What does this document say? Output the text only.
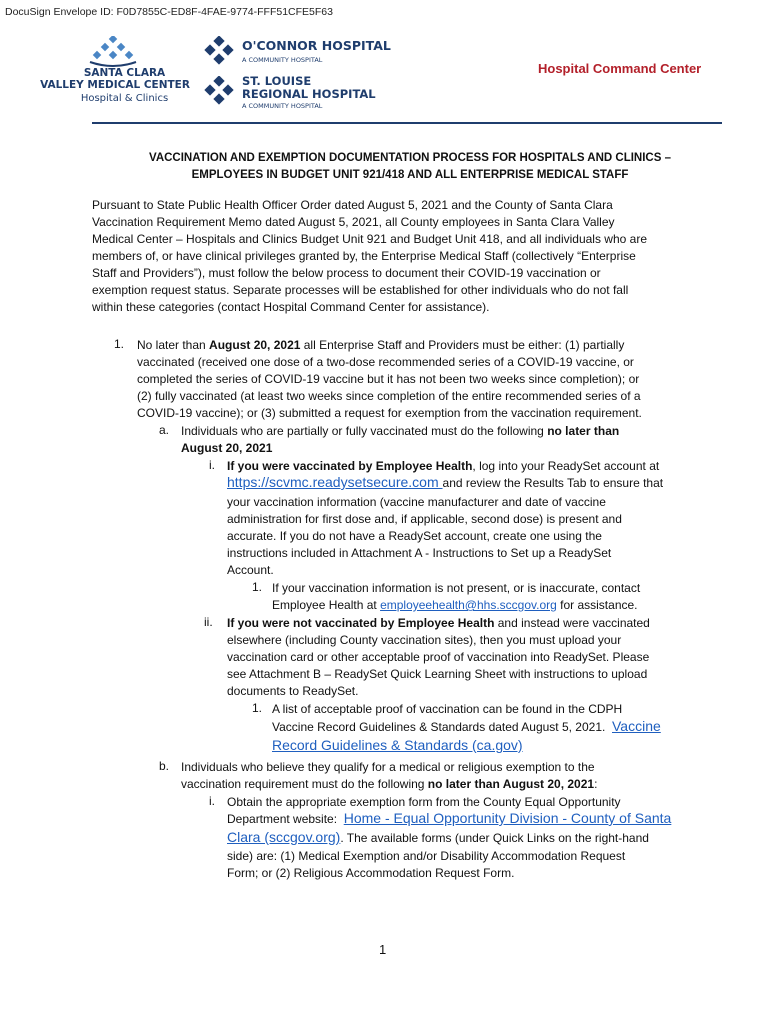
DocuSign Envelope ID: F0D7855C-ED8F-4FAE-9774-FFF51CFE5F63
SANTA CLARA
VALLEY MEDICAL CENTER
Hospital & Clinics
O'CONNOR HOSPITAL
A COMMUNITY HOSPITAL
ST. LOUISE
REGIONAL HOSPITAL
A COMMUNITY HOSPITAL
Hospital Command Center
VACCINATION AND EXEMPTION DOCUMENTATION PROCESS FOR HOSPITALS AND CLINICS –
EMPLOYEES IN BUDGET UNIT 921/418 AND ALL ENTERPRISE MEDICAL STAFF
Pursuant to State Public Health Officer Order dated August 5, 2021 and the County of Santa Clara
Vaccination Requirement Memo dated August 5, 2021, all County employees in Santa Clara Valley
Medical Center – Hospitals and Clinics Budget Unit 921 and Budget Unit 418, and all individuals who are
members of, or have clinical privileges granted by, the Enterprise Medical Staff (collectively “Enterprise
Staff and Providers”), must follow the below process to document their COVID-19 vaccination or
exemption request status. Separate processes will be established for other individuals who do not fall
within these categories (contact Hospital Command Center for assistance).
1. No later than August 20, 2021 all Enterprise Staff and Providers must be either: (1) partially
vaccinated (received one dose of a two-dose recommended series of a COVID-19 vaccine, or
completed the series of COVID-19 vaccine but it has not been two weeks since completion); or
(2) fully vaccinated (at least two weeks since completion of the entire recommended series of a
COVID-19 vaccine); or (3) submitted a request for exemption from the vaccination requirement.
a. Individuals who are partially or fully vaccinated must do the following no later than
August 20, 2021
i. If you were vaccinated by Employee Health, log into your ReadySet account at
https://scvmc.readysetsecure.com and review the Results Tab to ensure that
your vaccination information (vaccine manufacturer and date of vaccine
administration for first dose and, if applicable, second dose) is present and
accurate. If you do not have a ReadySet account, create one using the
instructions included in Attachment A - Instructions to Set up a ReadySet
Account.
1. If your vaccination information is not present, or is inaccurate, contact
Employee Health at employeehealth@hhs.sccgov.org for assistance.
ii. If you were not vaccinated by Employee Health and instead were vaccinated
elsewhere (including County vaccination sites), then you must upload your
vaccination card or other acceptable proof of vaccination into ReadySet. Please
see Attachment B – ReadySet Quick Learning Sheet with instructions to upload
documents to ReadySet.
1. A list of acceptable proof of vaccination can be found in the CDPH
Vaccine Record Guidelines & Standards dated August 5, 2021.  Vaccine
Record Guidelines & Standards (ca.gov)
b. Individuals who believe they qualify for a medical or religious exemption to the
vaccination requirement must do the following no later than August 20, 2021:
i. Obtain the appropriate exemption form from the County Equal Opportunity
Department website:  Home - Equal Opportunity Division - County of Santa
Clara (sccgov.org). The available forms (under Quick Links on the right-hand
side) are: (1) Medical Exemption and/or Disability Accommodation Request
Form; or (2) Religious Accommodation Request Form.
1
